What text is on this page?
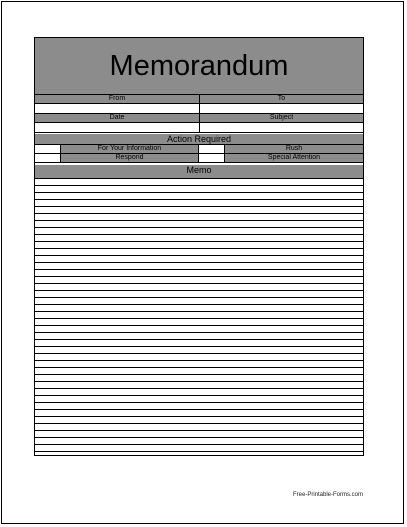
Memorandum
From	To
Date	Subject
Action Required
For Your Information	Rush
Respond	Special Attention
Memo
Free-Printable-Forms.com
